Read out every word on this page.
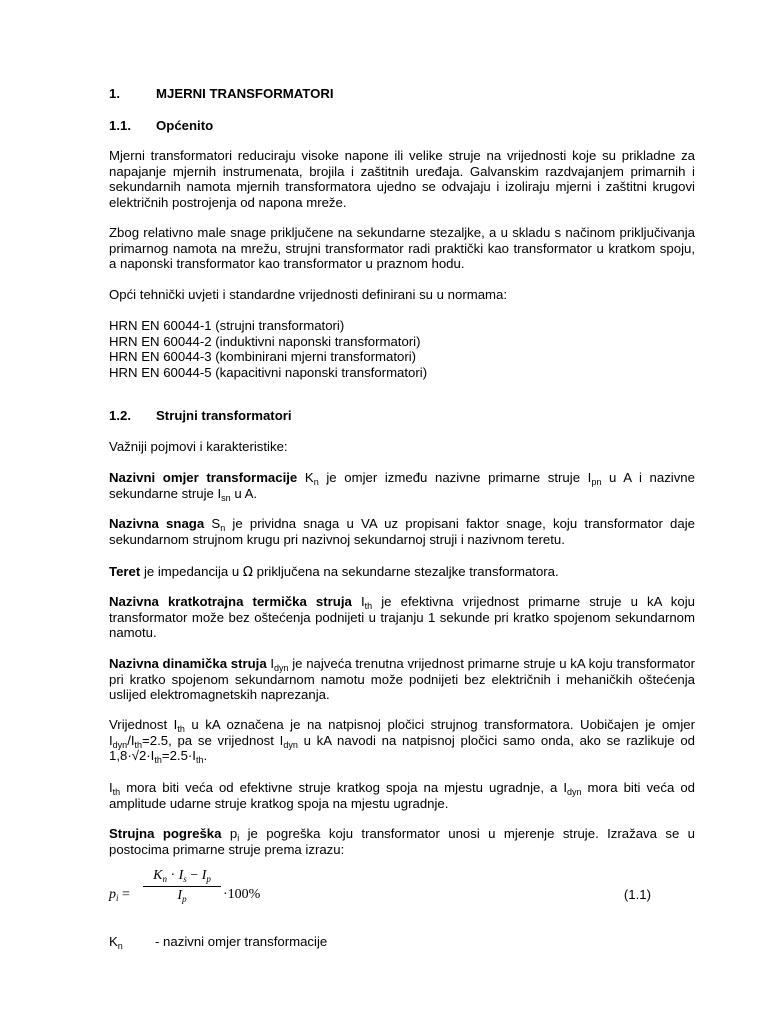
1.	MJERNI TRANSFORMATORI
1.1. Općenito
Mjerni transformatori reduciraju visoke napone ili velike struje na vrijednosti koje su prikladne za napajanje mjernih instrumenata, brojila i zaštitnih uređaja. Galvanskim razdvajanjem primarnih i sekundarnih namota mjernih transformatora ujedno se odvajaju i izoliraju mjerni i zaštitni krugovi električnih postrojenja od napona mreže.
Zbog relativno male snage priključene na sekundarne stezaljke, a u skladu s načinom priključivanja primarnog namota na mrežu, strujni transformator radi praktički kao transformator u kratkom spoju, a naponski transformator kao transformator u praznom hodu.
Opći tehnički uvjeti i standardne vrijednosti definirani su u normama:
HRN EN 60044-1 (strujni transformatori)
HRN EN 60044-2 (induktivni naponski transformatori)
HRN EN 60044-3 (kombinirani mjerni transformatori)
HRN EN 60044-5 (kapacitivni naponski transformatori)
1.2. Strujni transformatori
Važniji pojmovi i karakteristike:
Nazivni omjer transformacije $K_n$ je omjer između nazivne primarne struje $I_{pn}$ u A i nazivne sekundarne struje $I_{sn}$ u A.
Nazivna snaga $S_n$ je prividna snaga u VA uz propisani faktor snage, koju transformator daje sekundarnom strujnom krugu pri nazivnoj sekundarnoj struji i nazivnom teretu.
Teret je impedancija u Ω priključena na sekundarne stezaljke transformatora.
Nazivna kratkotrajna termička struja $I_{th}$ je efektivna vrijednost primarne struje u kA koju transformator može bez oštećenja podnijeti u trajanju 1 sekunde pri kratko spojenom sekundarnom namotu.
Nazivna dinamička struja $I_{dyn}$ je najveća trenutna vrijednost primarne struje u kA koju transformator pri kratko spojenom sekundarnom namotu može podnijeti bez električnih i mehaničkih oštećenja uslijed elektromagnetskih naprezanja.
Vrijednost $I_{th}$ u kA označena je na natpisnoj pločici strujnog transformatora. Uobičajen je omjer $I_{dyn}/I_{th}=2.5$, pa se vrijednost $I_{dyn}$ u kA navodi na natpisnoj pločici samo onda, ako se razlikuje od $1,8\cdot√2\cdot I_{th}=2.5\cdot I_{th}$.
$I_{th}$ mora biti veća od efektivne struje kratkog spoja na mjestu ugradnje, a $I_{dyn}$ mora biti veća od amplitude udarne struje kratkog spoja na mjestu ugradnje.
Strujna pogreška $p_i$ je pogreška koju transformator unosi u mjerenje struje. Izražava se u postocima primarne struje prema izrazu:
$p_i$ =
$K_n \cdot I_s - I_p$
$I_p$	·100%	(1.1)
$K_n$ - nazivni omjer transformacije
